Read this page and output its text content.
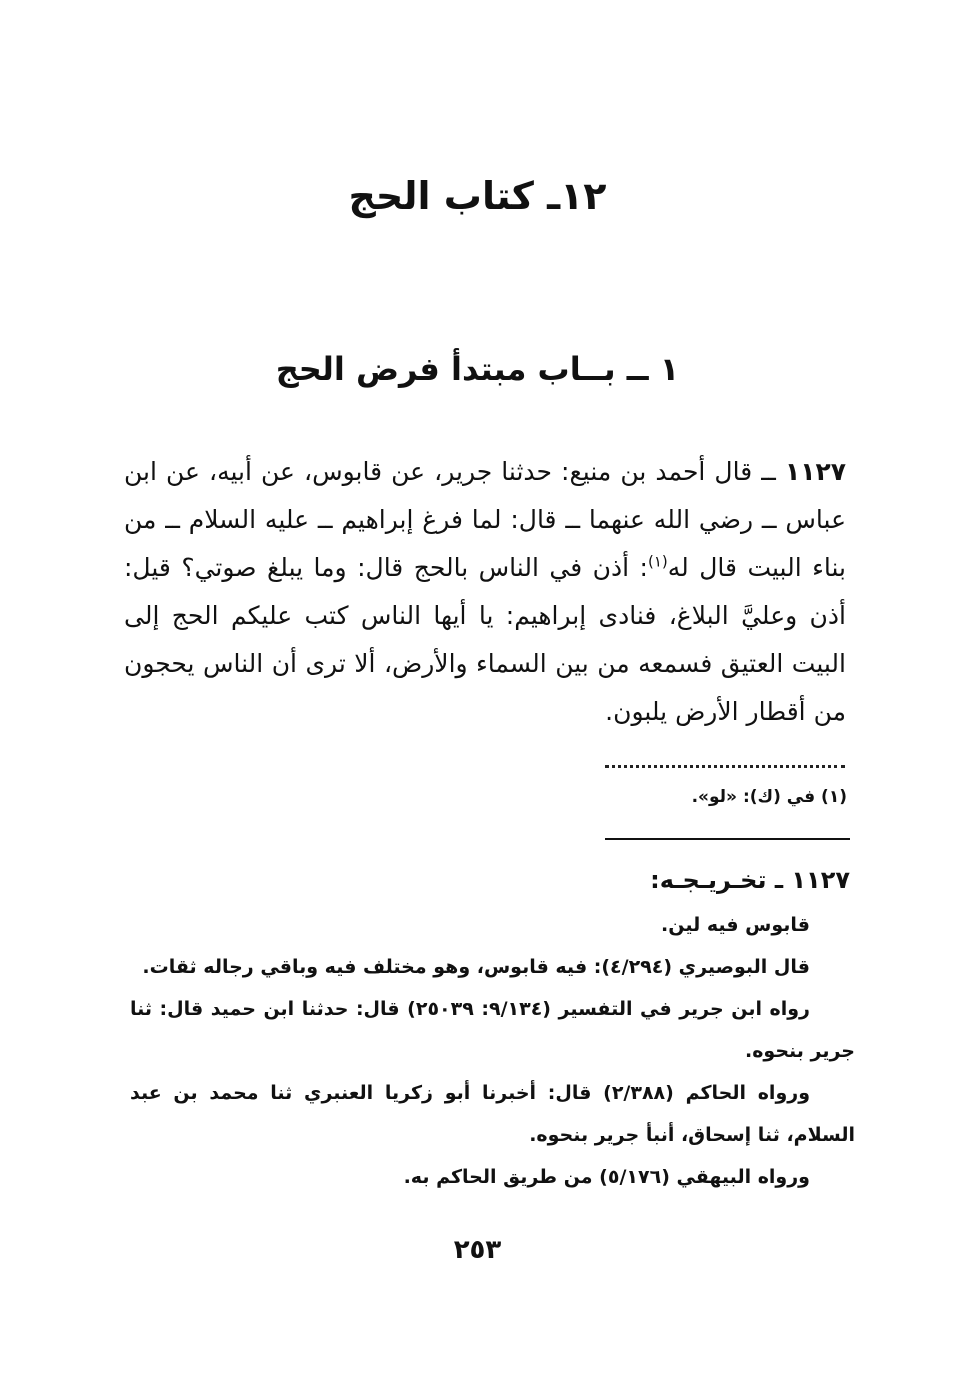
١٢ـ كتاب الحج
١ ــ بــاب مبتدأ فرض الحج

١١٢٧ ــ قال أحمد بن منيع: حدثنا جرير، عن قابوس، عن أبيه، عن ابن عباس ــ رضي الله عنهما ــ قال: لما فرغ إبراهيم ــ عليه السلام ــ من بناء البيت قال له$^{(١)}$: أذن في الناس بالحج قال: وما يبلغ صوتي؟ قيل: أذن وعليَّ البلاغ، فنادى إبراهيم: يا أيها الناس كتب عليكم الحج إلى البيت العتيق فسمعه من بين السماء والأرض، ألا ترى أن الناس يحجون من أقطار الأرض يلبون.

(١) في (ك): «لو».

١١٢٧ ـ تخـريـجـه:

قابوس فيه لين.

قال البوصيري (٤/٢٩٤): فيه قابوس، وهو مختلف فيه وباقي رجاله ثقات.

رواه ابن جرير في التفسير (٩/١٣٤: ٢٥٠٣٩) قال: حدثنا ابن حميد قال: ثنا جرير بنحوه.

ورواه الحاكم (٢/٣٨٨) قال: أخبرنا أبو زكريا العنبري ثنا محمد بن عبد السلام، ثنا إسحاق، أنبأ جرير بنحوه.

ورواه البيهقي (٥/١٧٦) من طريق الحاكم به.

٢٥٣
